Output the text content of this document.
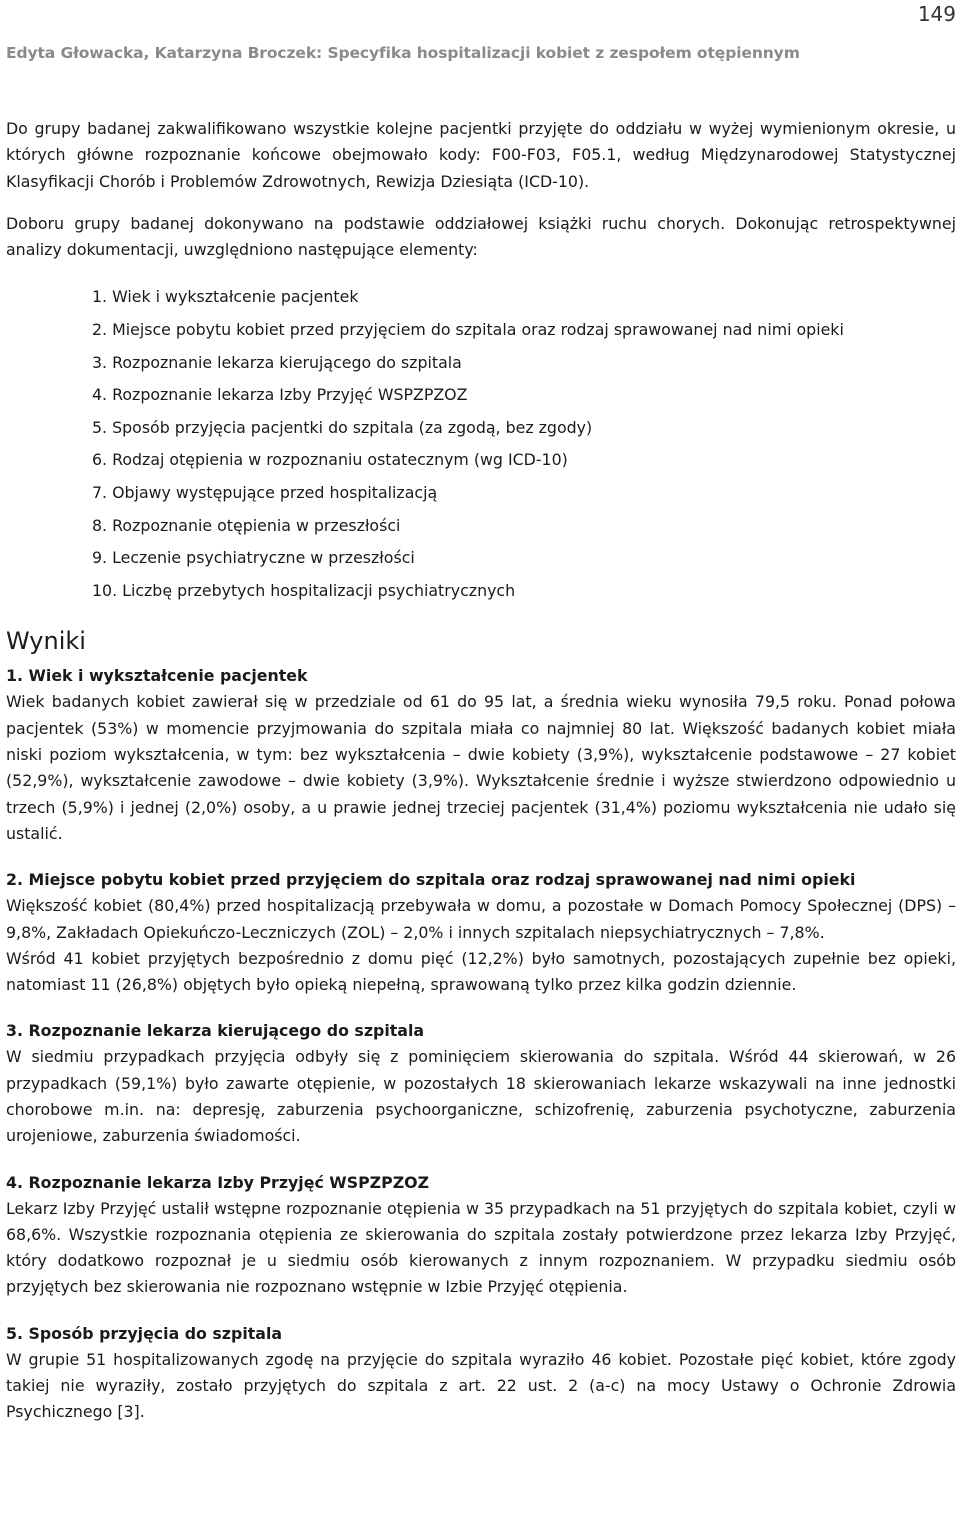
149
Edyta Głowacka, Katarzyna Broczek: Specyfika hospitalizacji kobiet z zespołem otępiennym

Do grupy badanej zakwalifikowano wszystkie kolejne pacjentki przyjęte do oddziału w wyżej wymienionym okresie, u których główne rozpoznanie końcowe obejmowało kody: F00-F03, F05.1, według Międzynarodowej Statystycznej Klasyfikacji Chorób i Problemów Zdrowotnych, Rewizja Dziesiąta (ICD-10).

Doboru grupy badanej dokonywano na podstawie oddziałowej książki ruchu chorych. Dokonując retrospektywnej analizy dokumentacji, uwzględniono następujące elementy:

1. Wiek i wykształcenie pacjentek
2. Miejsce pobytu kobiet przed przyjęciem do szpitala oraz rodzaj sprawowanej nad nimi opieki
3. Rozpoznanie lekarza kierującego do szpitala
4. Rozpoznanie lekarza Izby Przyjęć WSPZPZOZ
5. Sposób przyjęcia pacjentki do szpitala (za zgodą, bez zgody)
6. Rodzaj otępienia w rozpoznaniu ostatecznym (wg ICD-10)
7. Objawy występujące przed hospitalizacją
8. Rozpoznanie otępienia w przeszłości
9. Leczenie psychiatryczne w przeszłości
10. Liczbę przebytych hospitalizacji psychiatrycznych
Wyniki
1. Wiek i wykształcenie pacjentek

Wiek badanych kobiet zawierał się w przedziale od 61 do 95 lat, a średnia wieku wynosiła 79,5 roku. Ponad połowa pacjentek (53%) w momencie przyjmowania do szpitala miała co najmniej 80 lat. Większość badanych kobiet miała niski poziom wykształcenia, w tym: bez wykształcenia – dwie kobiety (3,9%), wykształcenie podstawowe – 27 kobiet (52,9%), wykształcenie zawodowe – dwie kobiety (3,9%). Wykształcenie średnie i wyższe stwierdzono odpowiednio u trzech (5,9%) i jednej (2,0%) osoby, a u prawie jednej trzeciej pacjentek (31,4%) poziomu wykształcenia nie udało się ustalić.

2. Miejsce pobytu kobiet przed przyjęciem do szpitala oraz rodzaj sprawowanej nad nimi opieki

Większość kobiet (80,4%) przed hospitalizacją przebywała w domu, a pozostałe w Domach Pomocy Społecznej (DPS) – 9,8%, Zakładach Opiekuńczo-Leczniczych (ZOL) – 2,0% i innych szpitalach niepsychiatrycznych – 7,8%.

Wśród 41 kobiet przyjętych bezpośrednio z domu pięć (12,2%) było samotnych, pozostających zupełnie bez opieki, natomiast 11 (26,8%) objętych było opieką niepełną, sprawowaną tylko przez kilka godzin dziennie.

3. Rozpoznanie lekarza kierującego do szpitala

W siedmiu przypadkach przyjęcia odbyły się z pominięciem skierowania do szpitala. Wśród 44 skierowań, w 26 przypadkach (59,1%) było zawarte otępienie, w pozostałych 18 skierowaniach lekarze wskazywali na inne jednostki chorobowe m.in. na: depresję, zaburzenia psychoorganiczne, schizofrenię, zaburzenia psychotyczne, zaburzenia urojeniowe, zaburzenia świadomości.

4. Rozpoznanie lekarza Izby Przyjęć WSPZPZOZ

Lekarz Izby Przyjęć ustalił wstępne rozpoznanie otępienia w 35 przypadkach na 51 przyjętych do szpitala kobiet, czyli w 68,6%. Wszystkie rozpoznania otępienia ze skierowania do szpitala zostały potwierdzone przez lekarza Izby Przyjęć, który dodatkowo rozpoznał je u siedmiu osób kierowanych z innym rozpoznaniem. W przypadku siedmiu osób przyjętych bez skierowania nie rozpoznano wstępnie w Izbie Przyjęć otępienia.

5. Sposób przyjęcia do szpitala

W grupie 51 hospitalizowanych zgodę na przyjęcie do szpitala wyraziło 46 kobiet. Pozostałe pięć kobiet, które zgody takiej nie wyraziły, zostało przyjętych do szpitala z art. 22 ust. 2 (a-c) na mocy Ustawy o Ochronie Zdrowia Psychicznego [3].
